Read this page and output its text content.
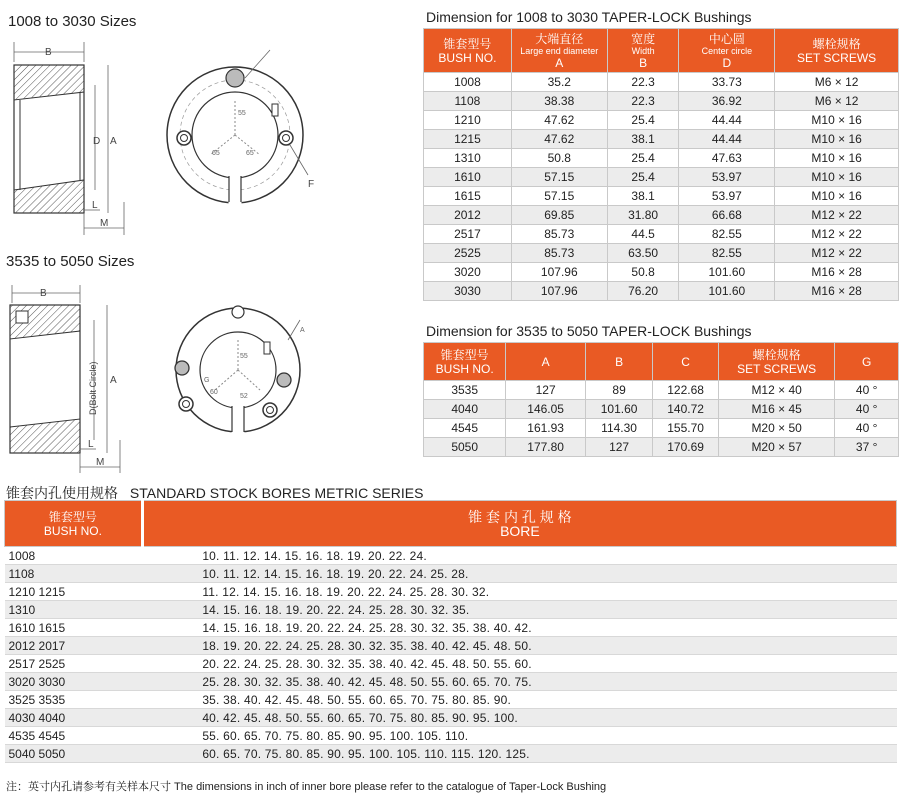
1008 to 3030 Sizes
3535 to 5050 Sizes
B
D A
L
M
55
65	65
F
B
D(Bolt Circle) A
L
M
55
60
52
G
A
Dimension for 1008 to 3030 TAPER-LOCK Bushings
锥套型号
BUSH NO.	大端直径
Large end diameter
A	宽度
Width
B	中心圆
Center circle
D	螺栓规格
SET SCREWS
1008	35.2	22.3	33.73	M6 × 12
1108	38.38	22.3	36.92	M6 × 12
1210	47.62	25.4	44.44	M10 × 16
1215	47.62	38.1	44.44	M10 × 16
1310	50.8	25.4	47.63	M10 × 16
1610	57.15	25.4	53.97	M10 × 16
1615	57.15	38.1	53.97	M10 × 16
2012	69.85	31.80	66.68	M12 × 22
2517	85.73	44.5	82.55	M12 × 22
2525	85.73	63.50	82.55	M12 × 22
3020	107.96	50.8	101.60	M16 × 28
3030	107.96	76.20	101.60	M16 × 28
Dimension for 3535 to 5050 TAPER-LOCK Bushings
锥套型号
BUSH NO.	A	B	C	螺栓规格
SET SCREWS	G
3535	127	89	122.68	M12 × 40	40 °
4040	146.05	101.60	140.72	M16 × 45	40 °
4545	161.93	114.30	155.70	M20 × 50	40 °
5050	177.80	127	170.69	M20 × 57	37 °
锥套内孔使用规格 STANDARD STOCK BORES METRIC SERIES
锥套型号
BUSH NO.	锥 套 内 孔 规 格
BORE
1008	10. 11. 12. 14. 15. 16. 18. 19. 20. 22. 24.
1108	10. 11. 12. 14. 15. 16. 18. 19. 20. 22. 24. 25. 28.
1210 1215	11. 12. 14. 15. 16. 18. 19. 20. 22. 24. 25. 28. 30. 32.
1310	14. 15. 16. 18. 19. 20. 22. 24. 25. 28. 30. 32. 35.
1610 1615	14. 15. 16. 18. 19. 20. 22. 24. 25. 28. 30. 32. 35. 38. 40. 42.
2012 2017	18. 19. 20. 22. 24. 25. 28. 30. 32. 35. 38. 40. 42. 45. 48. 50.
2517 2525	20. 22. 24. 25. 28. 30. 32. 35. 38. 40. 42. 45. 48. 50. 55. 60.
3020 3030	25. 28. 30. 32. 35. 38. 40. 42. 45. 48. 50. 55. 60. 65. 70. 75.
3525 3535	35. 38. 40. 42. 45. 48. 50. 55. 60. 65. 70. 75. 80. 85. 90.
4030 4040	40. 42. 45. 48. 50. 55. 60. 65. 70. 75. 80. 85. 90. 95. 100.
4535 4545	55. 60. 65. 70. 75. 80. 85. 90. 95. 100. 105. 110.
5040 5050	60. 65. 70. 75. 80. 85. 90. 95. 100. 105. 110. 115. 120. 125.
注：英寸内孔请参考有关样本尺寸 The dimensions in inch of inner bore please refer to the catalogue of Taper-Lock Bushing
